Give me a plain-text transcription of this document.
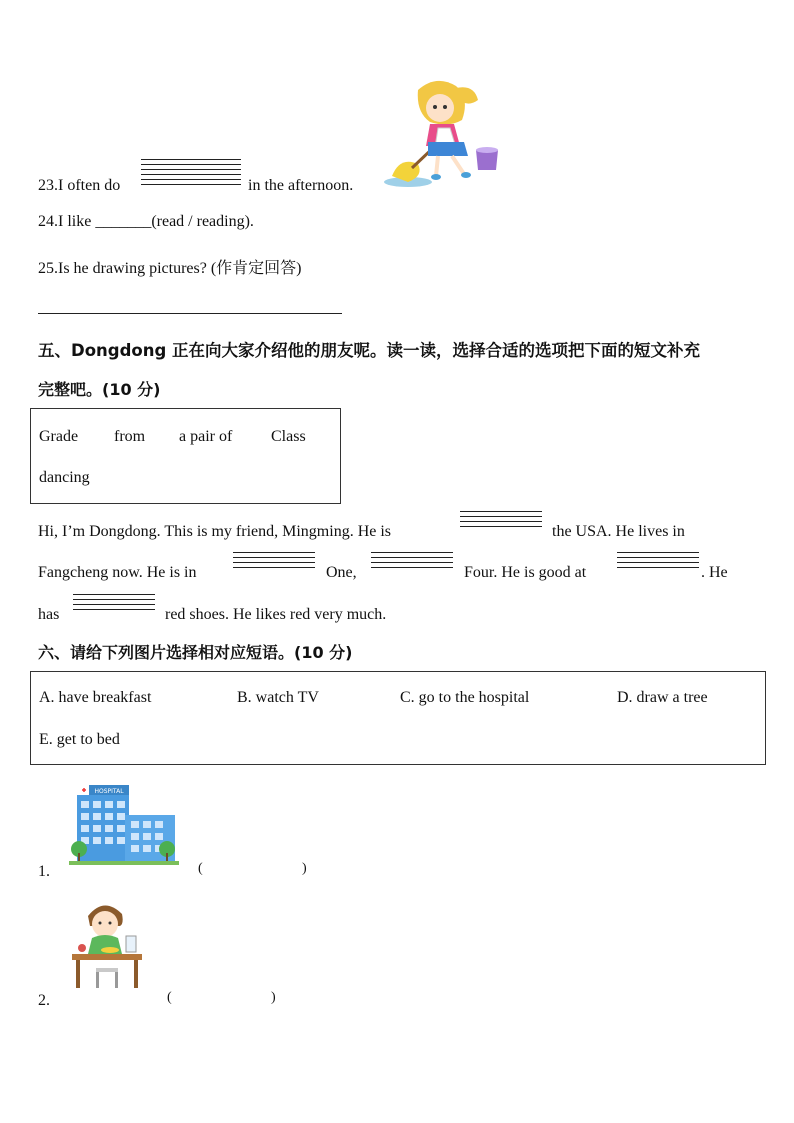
23.I often do	in the afternoon.
24.I like _______(read / reading).
25.Is he drawing pictures? (作肯定回答)
五、Dongdong 正在向大家介绍他的朋友呢。读一读，选择合适的选项把下面的短文补充
完整吧。(10 分)
Grade from a pair of Class
dancing
Hi, I’m Dongdong. This is my friend, Mingming. He is	the USA. He lives in
Fangcheng now. He is in	One,	Four. He is good at	. He
has	red shoes. He likes red very much.
六、请给下列图片选择相对应短语。(10 分)
A. have breakfast	B. watch TV	C. go to the hospital	D. draw a tree
E. get to bed
1.
HOSPITAL
(	)
2.	(	)
